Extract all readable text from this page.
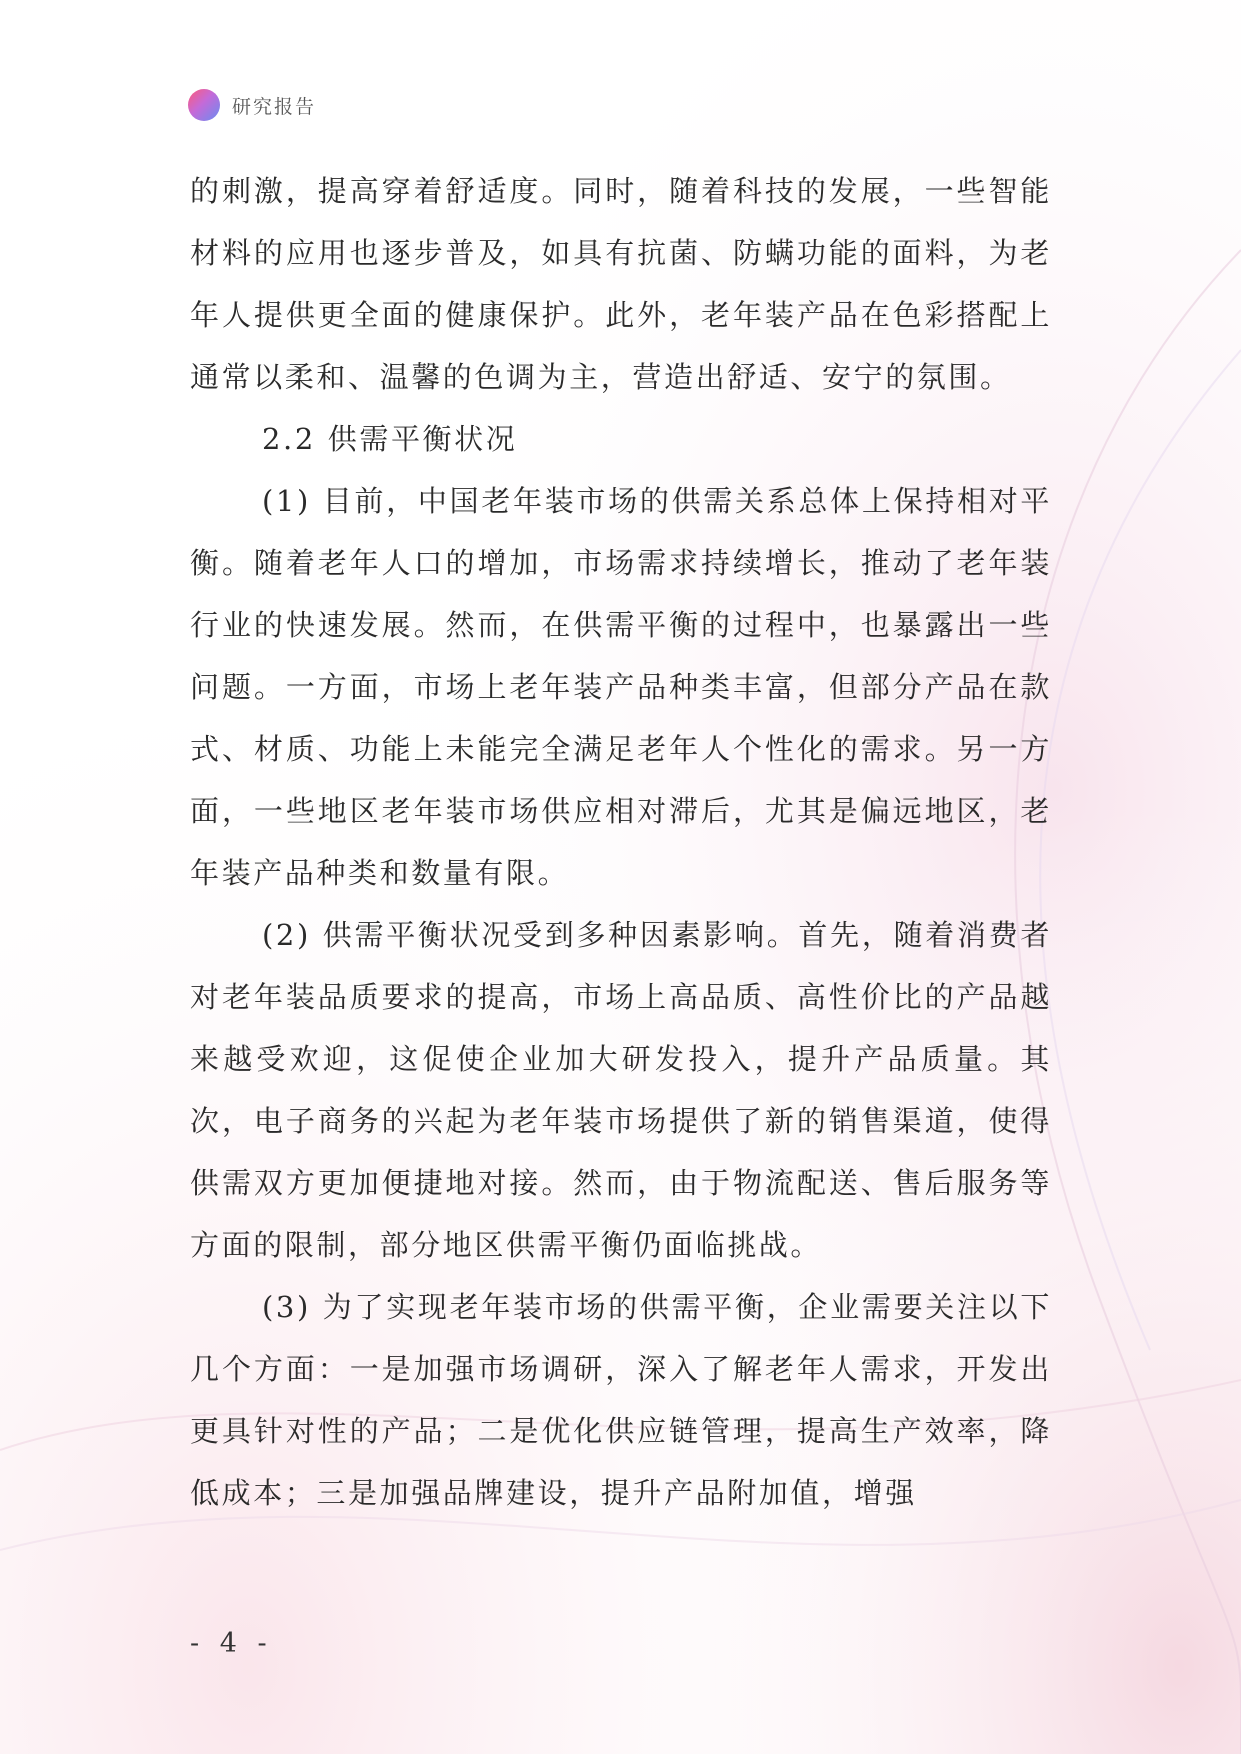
研究报告

的刺激，提高穿着舒适度。同时，随着科技的发展，一些智能材料的应用也逐步普及，如具有抗菌、防螨功能的面料，为老年人提供更全面的健康保护。此外，老年装产品在色彩搭配上通常以柔和、温馨的色调为主，营造出舒适、安宁的氛围。

2.2 供需平衡状况

(1) 目前，中国老年装市场的供需关系总体上保持相对平衡。随着老年人口的增加，市场需求持续增长，推动了老年装行业的快速发展。然而，在供需平衡的过程中，也暴露出一些问题。一方面，市场上老年装产品种类丰富，但部分产品在款式、材质、功能上未能完全满足老年人个性化的需求。另一方面，一些地区老年装市场供应相对滞后，尤其是偏远地区，老年装产品种类和数量有限。

(2) 供需平衡状况受到多种因素影响。首先，随着消费者对老年装品质要求的提高，市场上高品质、高性价比的产品越来越受欢迎，这促使企业加大研发投入，提升产品质量。其次，电子商务的兴起为老年装市场提供了新的销售渠道，使得供需双方更加便捷地对接。然而，由于物流配送、售后服务等方面的限制，部分地区供需平衡仍面临挑战。

(3) 为了实现老年装市场的供需平衡，企业需要关注以下几个方面：一是加强市场调研，深入了解老年人需求，开发出更具针对性的产品；二是优化供应链管理，提高生产效率，降低成本；三是加强品牌建设，提升产品附加值，增强

- 4 -
